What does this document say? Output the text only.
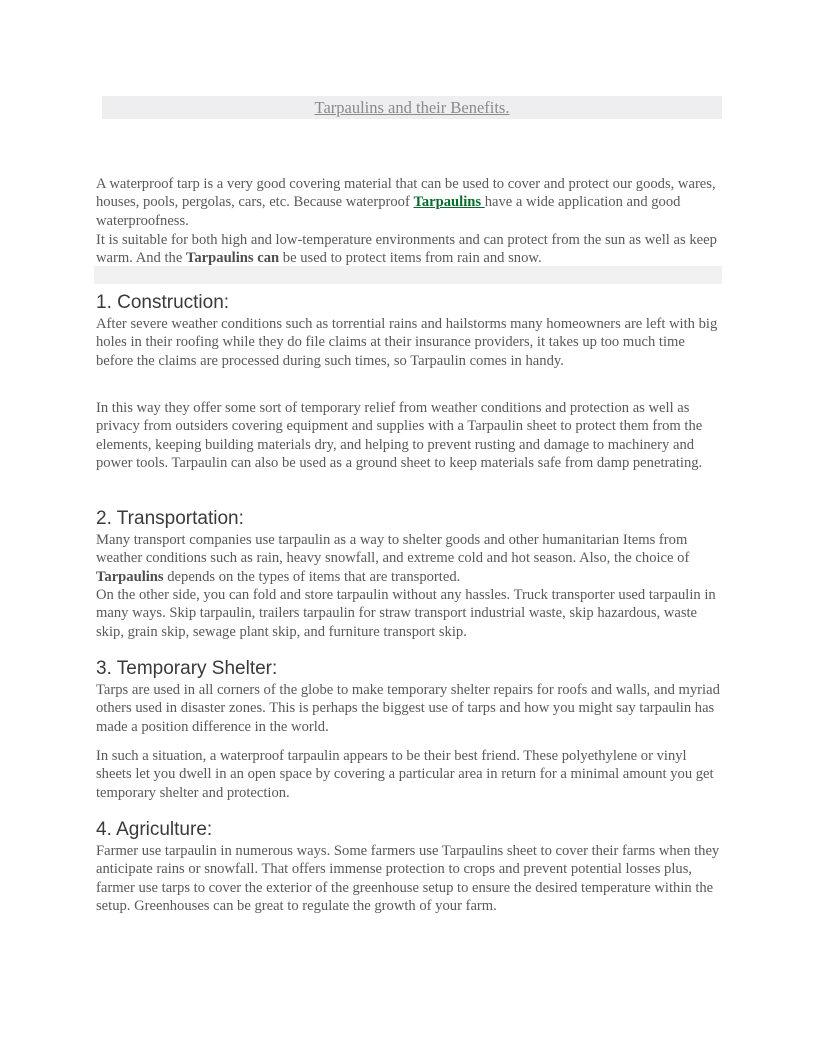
Tarpaulins and their Benefits.

A waterproof tarp is a very good covering material that can be used to cover and protect our goods, wares, houses, pools, pergolas, cars, etc. Because waterproof Tarpaulins have a wide application and good waterproofness.

It is suitable for both high and low-temperature environments and can protect from the sun as well as keep warm. And the Tarpaulins can be used to protect items from rain and snow.

1. Construction:

After severe weather conditions such as torrential rains and hailstorms many homeowners are left with big holes in their roofing while they do file claims at their insurance providers, it takes up too much time before the claims are processed during such times, so Tarpaulin comes in handy.

In this way they offer some sort of temporary relief from weather conditions and protection as well as privacy from outsiders covering equipment and supplies with a Tarpaulin sheet to protect them from the elements, keeping building materials dry, and helping to prevent rusting and damage to machinery and power tools. Tarpaulin can also be used as a ground sheet to keep materials safe from damp penetrating.

2. Transportation:

Many transport companies use tarpaulin as a way to shelter goods and other humanitarian Items from weather conditions such as rain, heavy snowfall, and extreme cold and hot season. Also, the choice of Tarpaulins depends on the types of items that are transported.

On the other side, you can fold and store tarpaulin without any hassles. Truck transporter used tarpaulin in many ways. Skip tarpaulin, trailers tarpaulin for straw transport industrial waste, skip hazardous, waste skip, grain skip, sewage plant skip, and furniture transport skip.

3. Temporary Shelter:

Tarps are used in all corners of the globe to make temporary shelter repairs for roofs and walls, and myriad others used in disaster zones. This is perhaps the biggest use of tarps and how you might say tarpaulin has made a position difference in the world.

In such a situation, a waterproof tarpaulin appears to be their best friend. These polyethylene or vinyl sheets let you dwell in an open space by covering a particular area in return for a minimal amount you get temporary shelter and protection.

4. Agriculture:

Farmer use tarpaulin in numerous ways. Some farmers use Tarpaulins sheet to cover their farms when they anticipate rains or snowfall. That offers immense protection to crops and prevent potential losses plus, farmer use tarps to cover the exterior of the greenhouse setup to ensure the desired temperature within the setup. Greenhouses can be great to regulate the growth of your farm.
